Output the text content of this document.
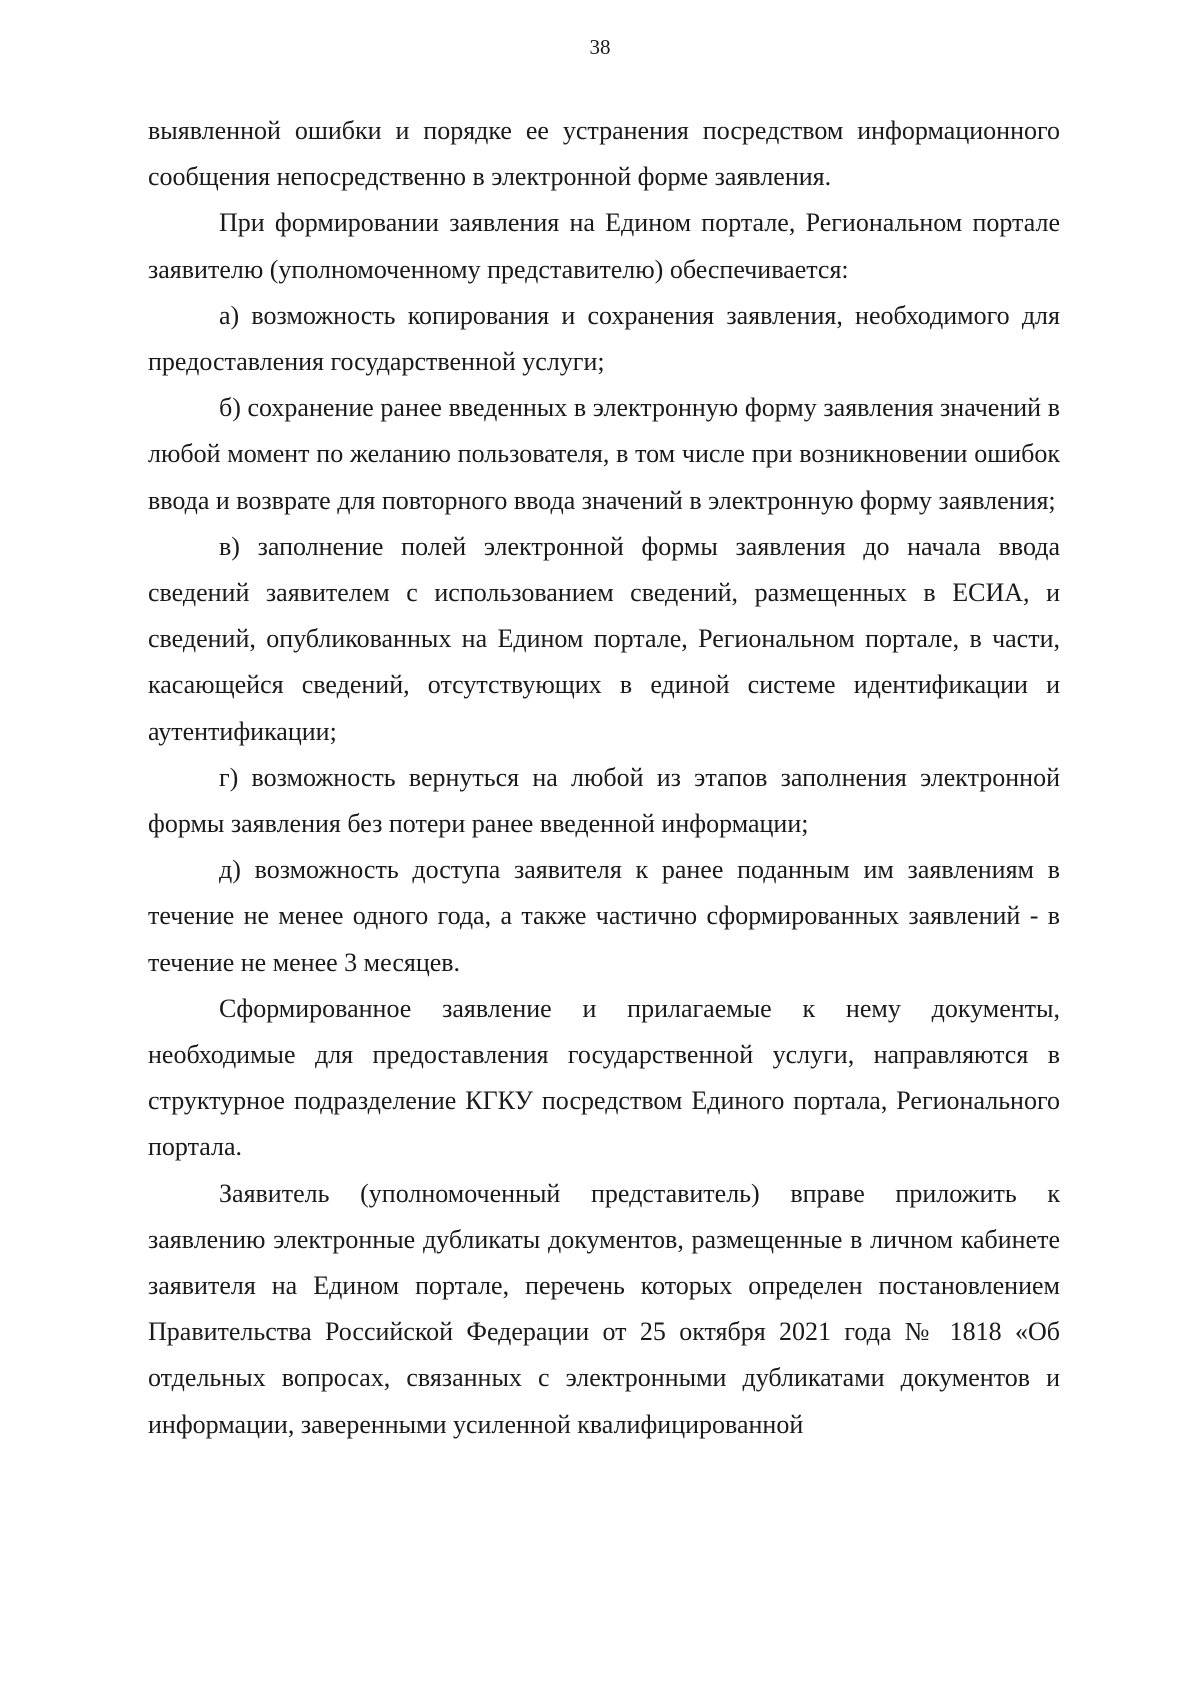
38

выявленной ошибки и порядке ее устранения посредством информационного сообщения непосредственно в электронной форме заявления.

При формировании заявления на Едином портале, Региональном портале заявителю (уполномоченному представителю) обеспечивается:

а) возможность копирования и сохранения заявления, необходимого для предоставления государственной услуги;

б) сохранение ранее введенных в электронную форму заявления значений в любой момент по желанию пользователя, в том числе при возникновении ошибок ввода и возврате для повторного ввода значений в электронную форму заявления;

в) заполнение полей электронной формы заявления до начала ввода сведений заявителем с использованием сведений, размещенных в ЕСИА, и сведений, опубликованных на Едином портале, Региональном портале, в части, касающейся сведений, отсутствующих в единой системе идентификации и аутентификации;

г) возможность вернуться на любой из этапов заполнения электронной формы заявления без потери ранее введенной информации;

д) возможность доступа заявителя к ранее поданным им заявлениям в течение не менее одного года, а также частично сформированных заявлений - в течение не менее 3 месяцев.

Сформированное заявление и прилагаемые к нему документы, необходимые для предоставления государственной услуги, направляются в структурное подразделение КГКУ посредством Единого портала, Регионального портала.

Заявитель (уполномоченный представитель) вправе приложить к заявлению электронные дубликаты документов, размещенные в личном кабинете заявителя на Едином портале, перечень которых определен постановлением Правительства Российской Федерации от 25 октября 2021 года № 1818 «Об отдельных вопросах, связанных с электронными дубликатами документов и информации, заверенными усиленной квалифицированной
